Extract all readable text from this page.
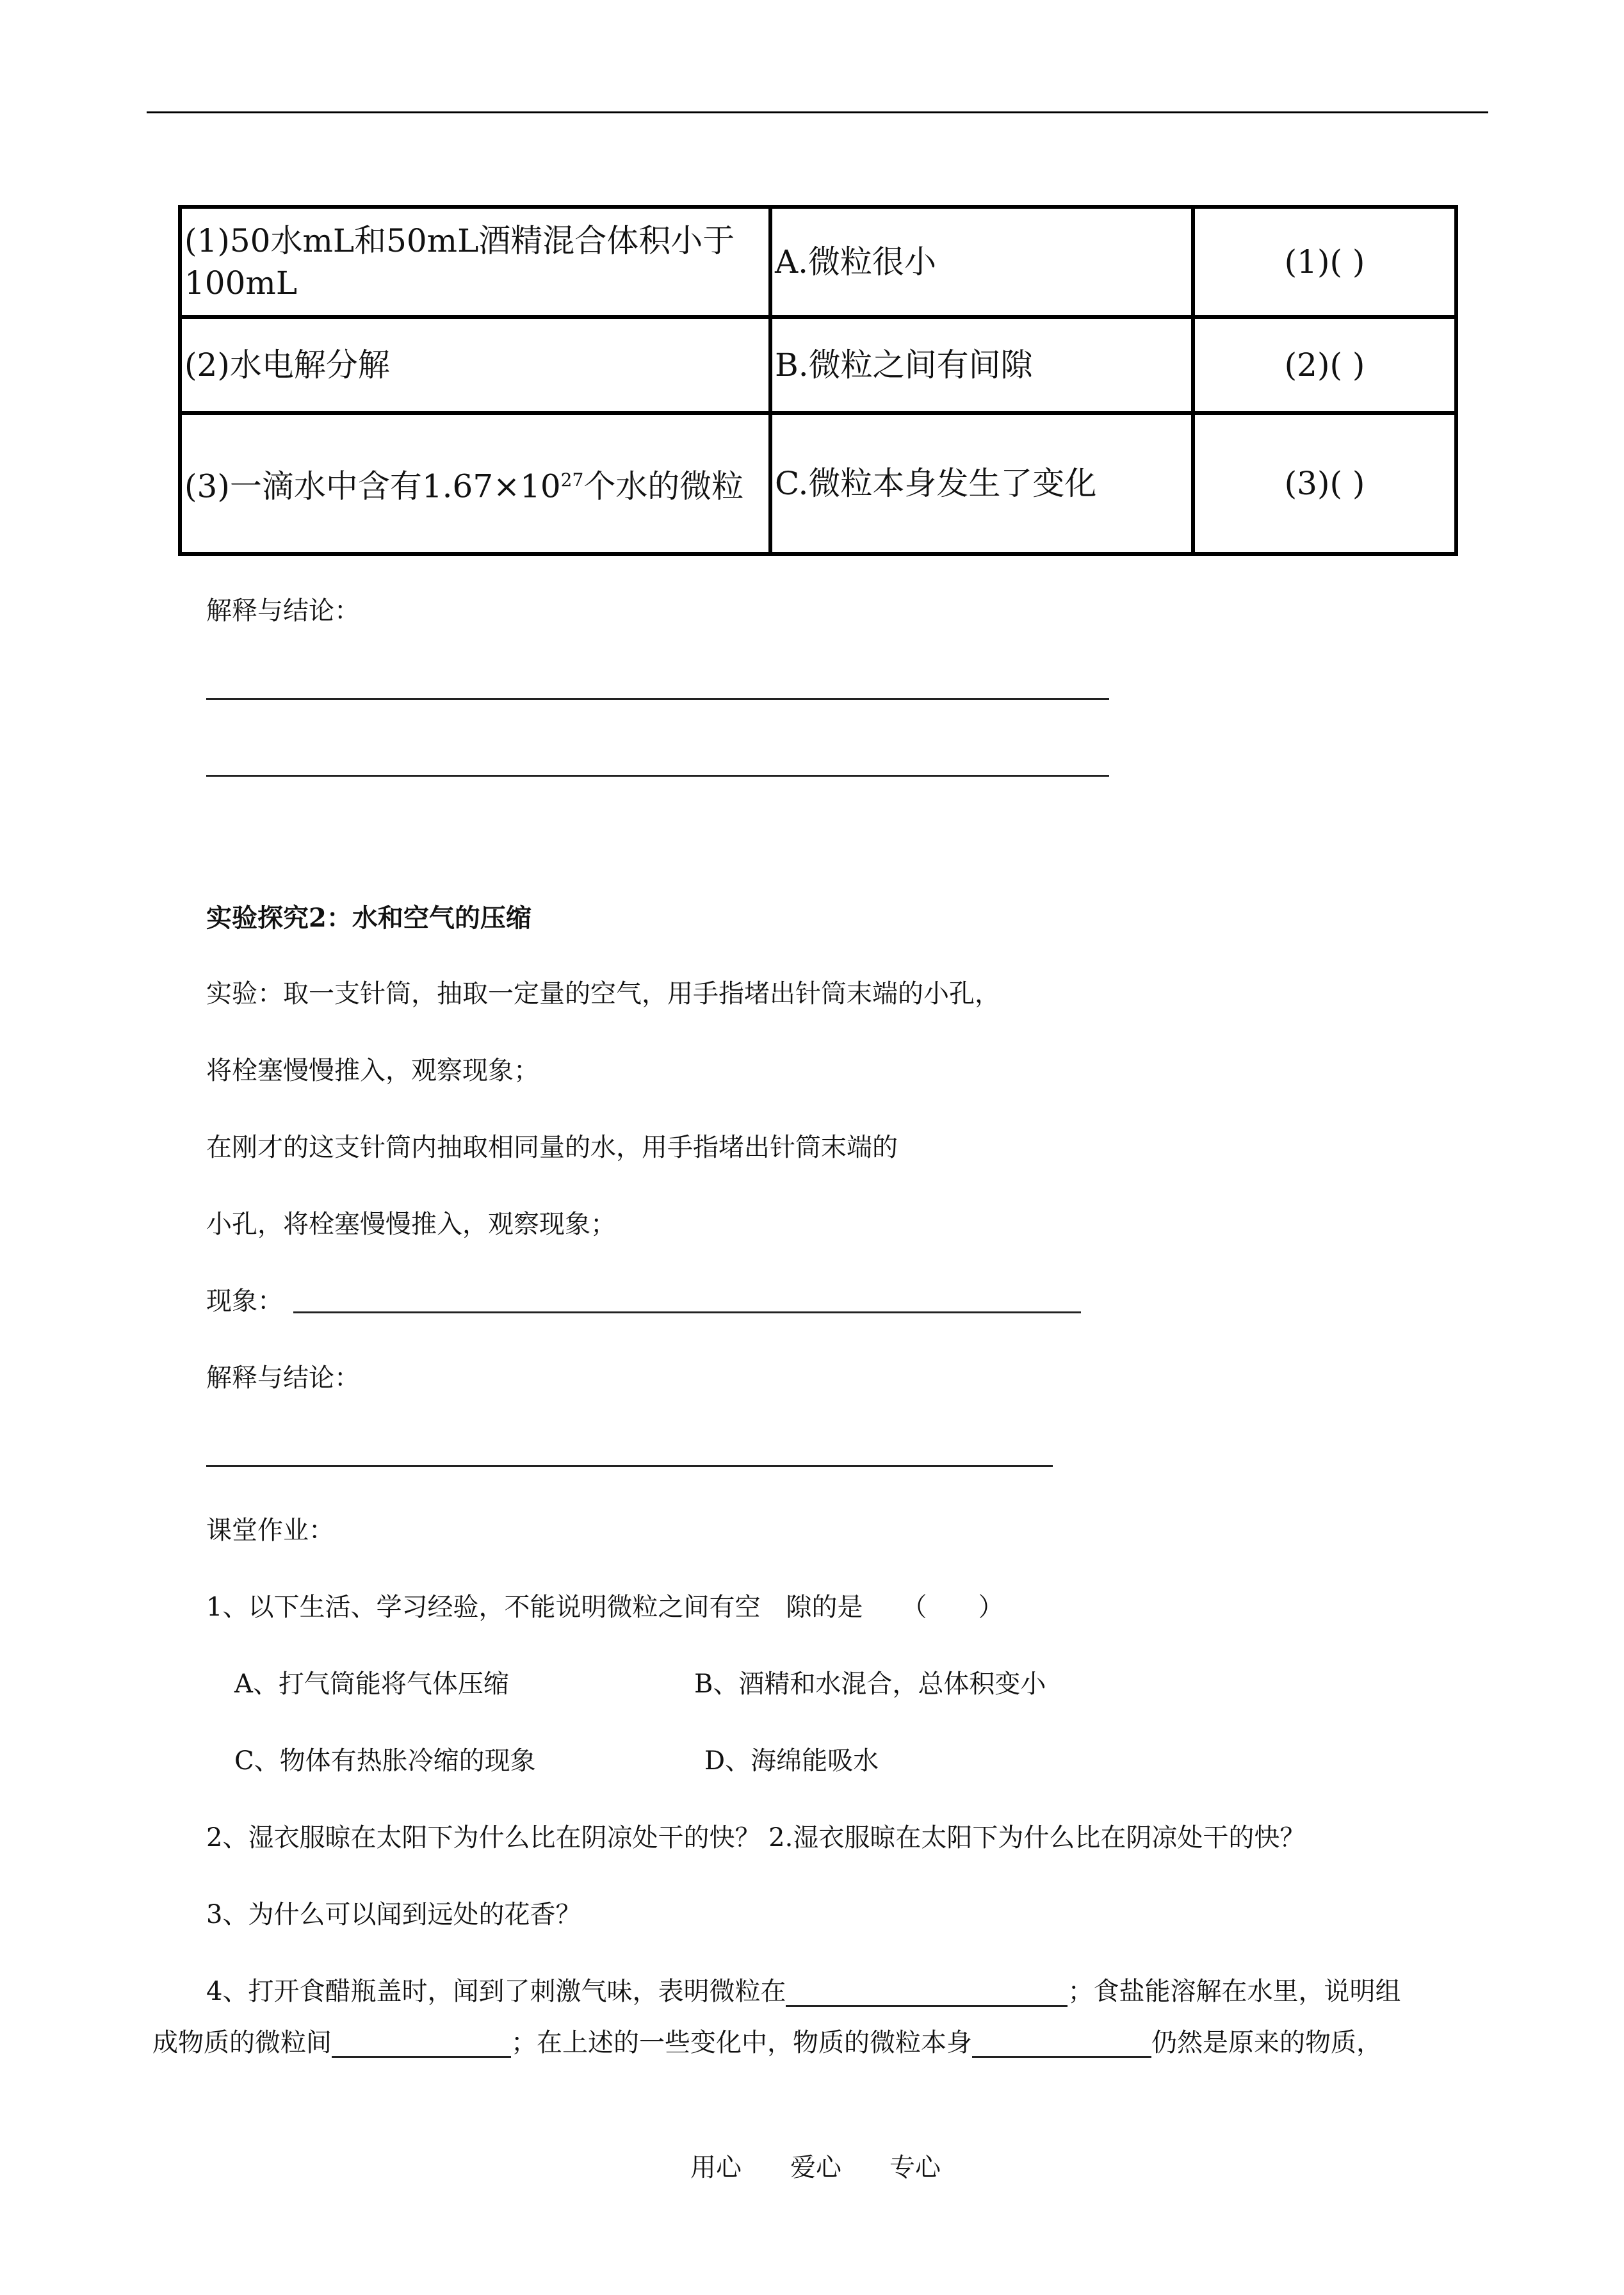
(1)50水mL和50mL酒精混合体积小于100mL	A.微粒很小	(1)( )
(2)水电解分解	B.微粒之间有间隙	(2)( )
(3)一滴水中含有$1.67\times 10^{27}$个水的微粒	C.微粒本身发生了变化	(3)( )
解释与结论：
实验探究2：水和空气的压缩
实验：取一支针筒，抽取一定量的空气，用手指堵出针筒末端的小孔，
将栓塞慢慢推入，观察现象；
在刚才的这支针筒内抽取相同量的水，用手指堵出针筒末端的
小孔，将栓塞慢慢推入，观察现象；
现象：
解释与结论：
课堂作业：
1、以下生活、学习经验，不能说明微粒之间有空　隙的是　　（　　）
A、打气筒能将气体压缩	B、酒精和水混合，总体积变小
C、物体有热胀冷缩的现象	D、海绵能吸水
2、湿衣服晾在太阳下为什么比在阴凉处干的快？ 2.湿衣服晾在太阳下为什么比在阴凉处干的快？
3、为什么可以闻到远处的花香？
4、打开食醋瓶盖时，闻到了刺激气味，表明微粒在	；食盐能溶解在水里，说明组
成物质的微粒间	；在上述的一些变化中，物质的微粒本身	仍然是原来的物质，
用心 爱心 专心
